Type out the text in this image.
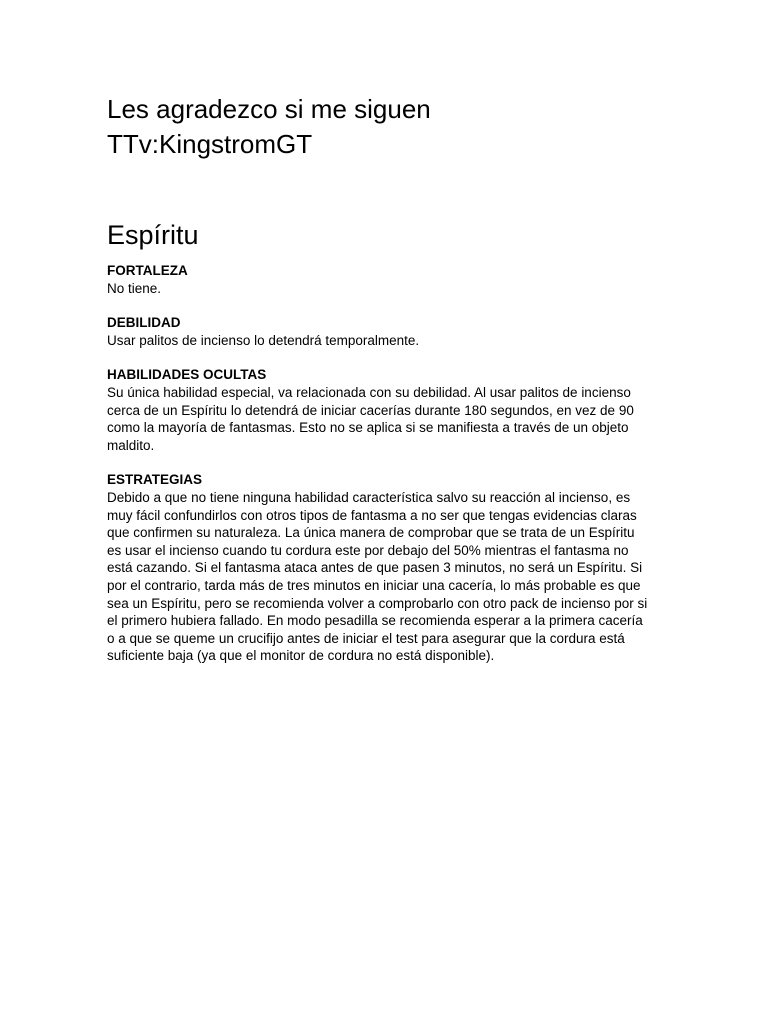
Les agradezco si me siguen

TTv:KingstromGT

Espíritu

FORTALEZA

No tiene.

DEBILIDAD

Usar palitos de incienso lo detendrá temporalmente.

HABILIDADES OCULTAS

Su única habilidad especial, va relacionada con su debilidad. Al usar palitos de incienso
cerca de un Espíritu lo detendrá de iniciar cacerías durante 180 segundos, en vez de 90
como la mayoría de fantasmas. Esto no se aplica si se manifiesta a través de un objeto
maldito.

ESTRATEGIAS

Debido a que no tiene ninguna habilidad característica salvo su reacción al incienso, es
muy fácil confundirlos con otros tipos de fantasma a no ser que tengas evidencias claras
que confirmen su naturaleza. La única manera de comprobar que se trata de un Espíritu
es usar el incienso cuando tu cordura este por debajo del 50% mientras el fantasma no
está cazando. Si el fantasma ataca antes de que pasen 3 minutos, no será un Espíritu. Si
por el contrario, tarda más de tres minutos en iniciar una cacería, lo más probable es que
sea un Espíritu, pero se recomienda volver a comprobarlo con otro pack de incienso por si
el primero hubiera fallado. En modo pesadilla se recomienda esperar a la primera cacería
o a que se queme un crucifijo antes de iniciar el test para asegurar que la cordura está
suficiente baja (ya que el monitor de cordura no está disponible).
